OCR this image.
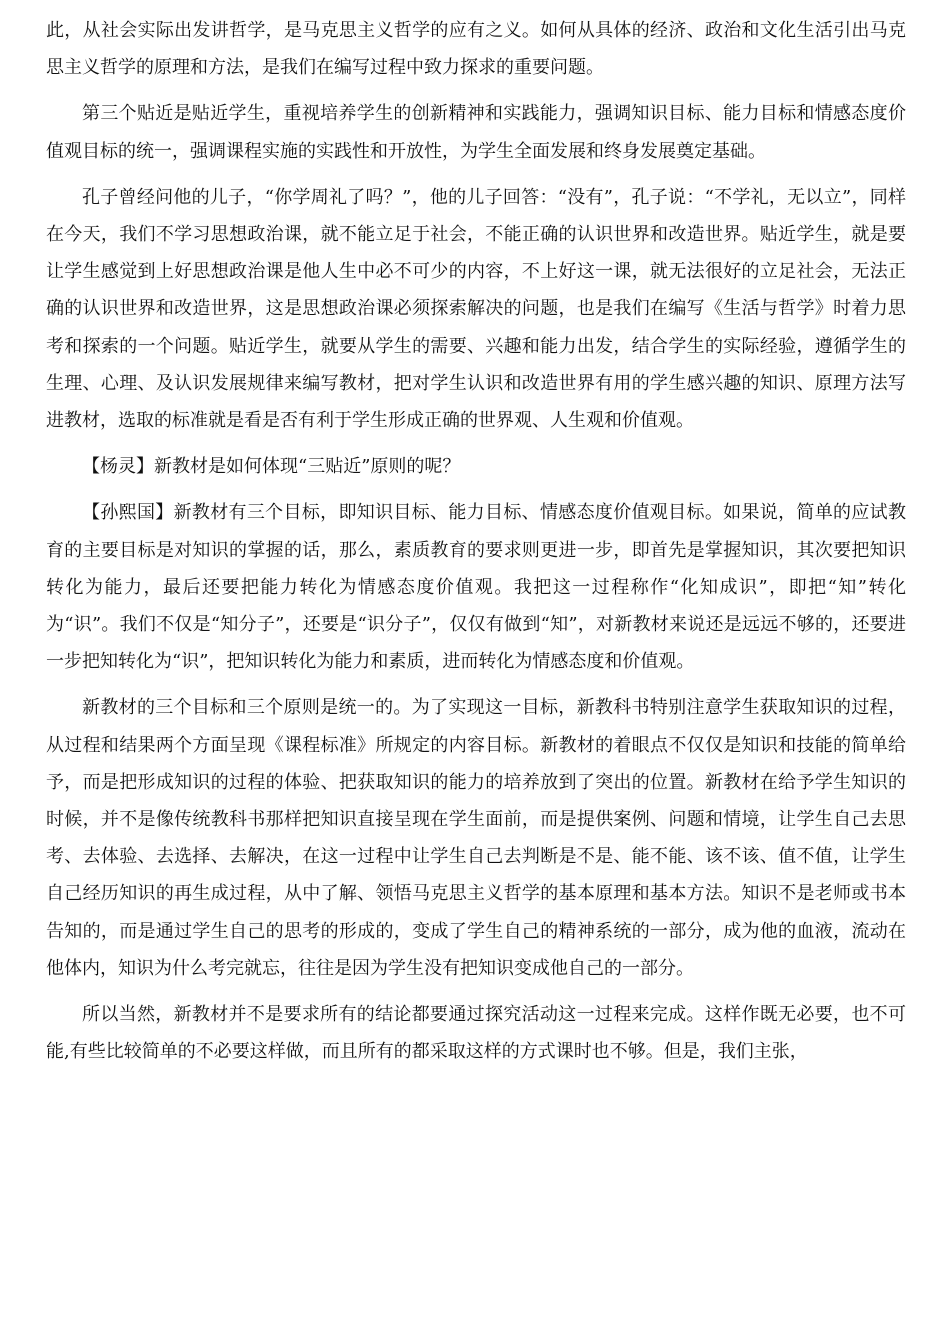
此，从社会实际出发讲哲学，是马克思主义哲学的应有之义。如何从具体的经济、政治和文化生活引出马克思主义哲学的原理和方法，是我们在编写过程中致力探求的重要问题。

第三个贴近是贴近学生，重视培养学生的创新精神和实践能力，强调知识目标、能力目标和情感态度价值观目标的统一，强调课程实施的实践性和开放性，为学生全面发展和终身发展奠定基础。

孔子曾经问他的儿子，“你学周礼了吗？”，他的儿子回答：“没有”，孔子说：“不学礼，无以立”，同样在今天，我们不学习思想政治课，就不能立足于社会，不能正确的认识世界和改造世界。贴近学生，就是要让学生感觉到上好思想政治课是他人生中必不可少的内容，不上好这一课，就无法很好的立足社会，无法正确的认识世界和改造世界，这是思想政治课必须探索解决的问题，也是我们在编写《生活与哲学》时着力思考和探索的一个问题。贴近学生，就要从学生的需要、兴趣和能力出发，结合学生的实际经验，遵循学生的生理、心理、及认识发展规律来编写教材，把对学生认识和改造世界有用的学生感兴趣的知识、原理方法写进教材，选取的标准就是看是否有利于学生形成正确的世界观、人生观和价值观。

【杨灵】新教材是如何体现“三贴近”原则的呢？

【孙熙国】新教材有三个目标，即知识目标、能力目标、情感态度价值观目标。如果说，简单的应试教育的主要目标是对知识的掌握的话，那么，素质教育的要求则更进一步，即首先是掌握知识，其次要把知识转化为能力，最后还要把能力转化为情感态度价值观。我把这一过程称作“化知成识”，即把“知”转化为“识”。我们不仅是“知分子”，还要是“识分子”，仅仅有做到“知”，对新教材来说还是远远不够的，还要进一步把知转化为“识”，把知识转化为能力和素质，进而转化为情感态度和价值观。

新教材的三个目标和三个原则是统一的。为了实现这一目标，新教科书特别注意学生获取知识的过程，从过程和结果两个方面呈现《课程标准》所规定的内容目标。新教材的着眼点不仅仅是知识和技能的简单给予，而是把形成知识的过程的体验、把获取知识的能力的培养放到了突出的位置。新教材在给予学生知识的时候，并不是像传统教科书那样把知识直接呈现在学生面前，而是提供案例、问题和情境，让学生自己去思考、去体验、去选择、去解决，在这一过程中让学生自己去判断是不是、能不能、该不该、值不值，让学生自己经历知识的再生成过程，从中了解、领悟马克思主义哲学的基本原理和基本方法。知识不是老师或书本告知的，而是通过学生自己的思考的形成的，变成了学生自己的精神系统的一部分，成为他的血液，流动在他体内，知识为什么考完就忘，往往是因为学生没有把知识变成他自己的一部分。

所以当然，新教材并不是要求所有的结论都要通过探究活动这一过程来完成。这样作既无必要，也不可能,有些比较简单的不必要这样做，而且所有的都采取这样的方式课时也不够。但是，我们主张，
